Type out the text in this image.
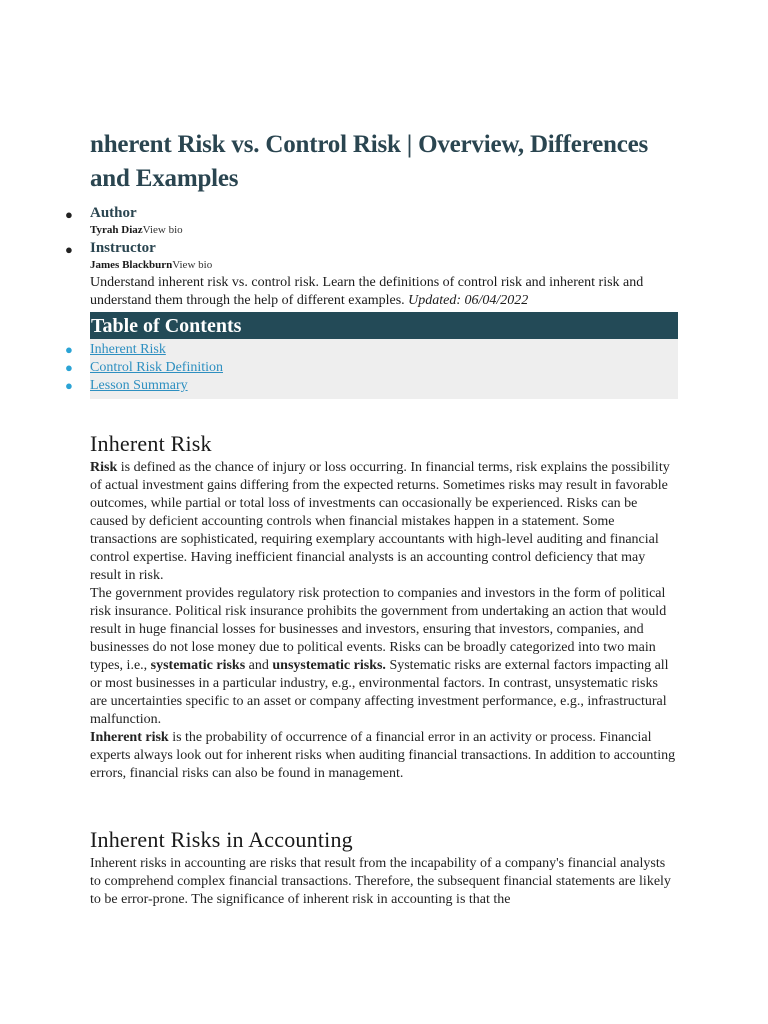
nherent Risk vs. Control Risk | Overview, Differences and Examples
● Author
Tyrah DiazView bio
● Instructor
James BlackburnView bio

Understand inherent risk vs. control risk. Learn the definitions of control risk and inherent risk and understand them through the help of different examples. Updated: 06/04/2022

Table of Contents
● Inherent Risk
● Control Risk Definition
● Lesson Summary
Inherent Risk

Risk is defined as the chance of injury or loss occurring. In financial terms, risk explains the possibility of actual investment gains differing from the expected returns. Sometimes risks may result in favorable outcomes, while partial or total loss of investments can occasionally be experienced. Risks can be caused by deficient accounting controls when financial mistakes happen in a statement. Some transactions are sophisticated, requiring exemplary accountants with high-level auditing and financial control expertise. Having inefficient financial analysts is an accounting control deficiency that may result in risk.

The government provides regulatory risk protection to companies and investors in the form of political risk insurance. Political risk insurance prohibits the government from undertaking an action that would result in huge financial losses for businesses and investors, ensuring that investors, companies, and businesses do not lose money due to political events. Risks can be broadly categorized into two main types, i.e., systematic risks and unsystematic risks. Systematic risks are external factors impacting all or most businesses in a particular industry, e.g., environmental factors. In contrast, unsystematic risks are uncertainties specific to an asset or company affecting investment performance, e.g., infrastructural malfunction.

Inherent risk is the probability of occurrence of a financial error in an activity or process. Financial experts always look out for inherent risks when auditing financial transactions. In addition to accounting errors, financial risks can also be found in management.

Inherent Risks in Accounting

Inherent risks in accounting are risks that result from the incapability of a company's financial analysts to comprehend complex financial transactions. Therefore, the subsequent financial statements are likely to be error-prone. The significance of inherent risk in accounting is that the
